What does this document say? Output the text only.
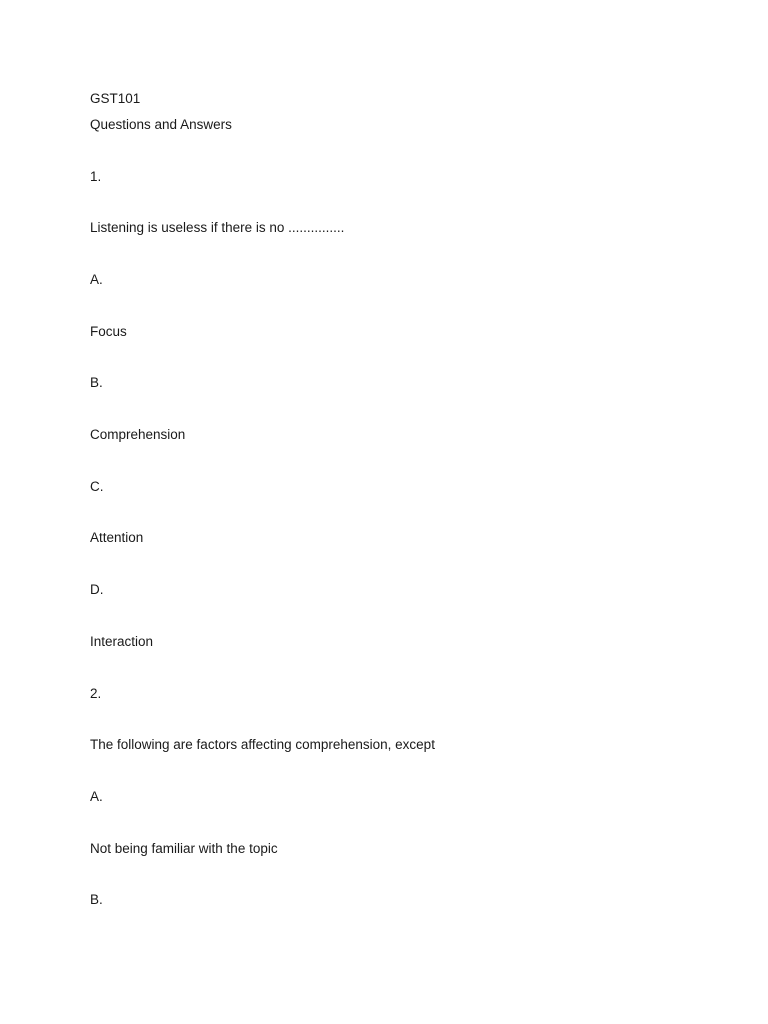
GST101
Questions and Answers
1.
Listening is useless if there is no ...............
A.
Focus
B.
Comprehension
C.
Attention
D.
Interaction
2.
The following are factors affecting comprehension, except
A.
Not being familiar with the topic
B.
